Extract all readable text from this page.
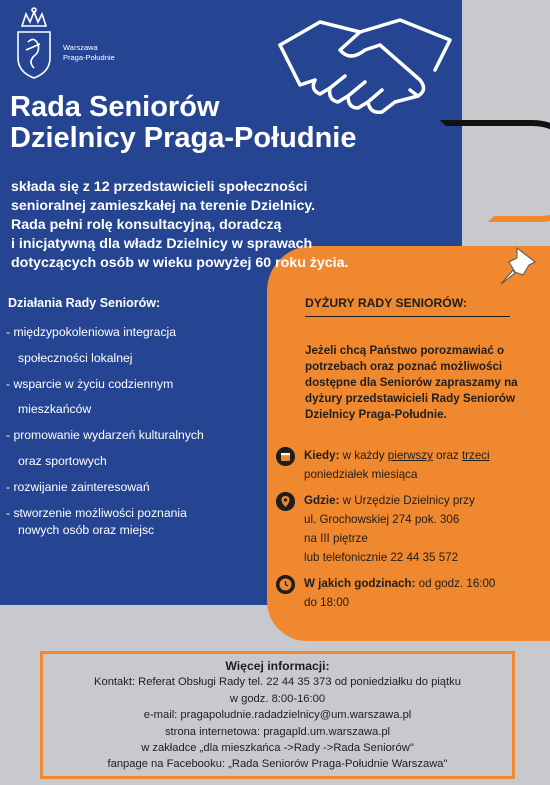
Warszawa
Praga-Południe
Rada Seniorów
Dzielnicy Praga-Południe
składa się z 12 przedstawicieli społeczności
senioralnej zamieszkałej na terenie Dzielnicy.
Rada pełni rolę konsultacyjną, doradczą
i inicjatywną dla władz Dzielnicy w sprawach
dotyczących osób w wieku powyżej 60 roku życia.
Działania Rady Seniorów:
- międzypokoleniowa integracja
społeczności lokalnej
- wsparcie w życiu codziennym
mieszkańców
- promowanie wydarzeń kulturalnych
oraz sportowych
- rozwijanie zainteresowań
- stworzenie możliwości poznania
nowych osób oraz miejsc
DYŻURY RADY SENIORÓW:
Jeżeli chcą Państwo porozmawiać o potrzebach oraz poznać możliwości dostępne dla Seniorów zapraszamy na dyżury przedstawicieli Rady Seniorów Dzielnicy Praga-Południe.
Kiedy: w każdy pierwszy oraz trzeci
poniedziałek miesiąca
Gdzie: w Urzędzie Dzielnicy przy
ul. Grochowskiej 274 pok. 306
na III piętrze
lub telefonicznie 22 44 35 572
W jakich godzinach: od godz. 16:00
do 18:00
Więcej informacji:
Kontakt: Referat Obsługi Rady tel. 22 44 35 373 od poniedziałku do piątku
w godz. 8:00-16:00
e-mail: pragapoludnie.radadzielnicy@um.warszawa.pl
strona internetowa: pragapld.um.warszawa.pl
w zakładce „dla mieszkańca ->Rady ->Rada Seniorów"
fanpage na Facebooku: „Rada Seniorów Praga-Południe Warszawa"
